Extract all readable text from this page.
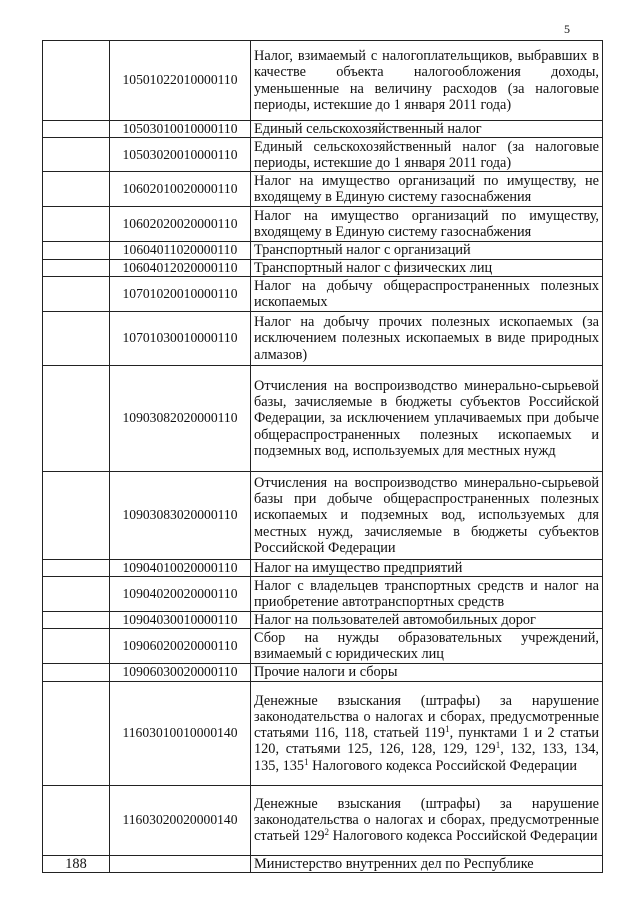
5
	10501022010000110	Налог, взимаемый с налогоплательщиков, выбравших в качестве объекта налогообложения доходы, уменьшенные на величину расходов (за налоговые периоды, истекшие до 1 января 2011 года)
	10503010010000110	Единый сельскохозяйственный налог
	10503020010000110	Единый сельскохозяйственный налог (за налоговые периоды, истекшие до 1 января 2011 года)
	10602010020000110	Налог на имущество организаций по имуществу, не входящему в Единую систему газоснабжения
	10602020020000110	Налог на имущество организаций по имуществу, входящему в Единую систему газоснабжения
	10604011020000110	Транспортный налог с организаций
	10604012020000110	Транспортный налог с физических лиц
	10701020010000110	Налог на добычу общераспространенных полезных ископаемых
	10701030010000110	Налог на добычу прочих полезных ископаемых (за исключением полезных ископаемых в виде природных алмазов)
	10903082020000110	Отчисления на воспроизводство минерально-сырьевой базы, зачисляемые в бюджеты субъектов Российской Федерации, за исключением уплачиваемых при добыче общераспространенных полезных ископаемых и подземных вод, используемых для местных нужд
	10903083020000110	Отчисления на воспроизводство минерально-сырьевой базы при добыче общераспространенных полезных ископаемых и подземных вод, используемых для местных нужд, зачисляемые в бюджеты субъектов Российской Федерации
	10904010020000110	Налог на имущество предприятий
	10904020020000110	Налог с владельцев транспортных средств и налог на приобретение автотранспортных средств
	10904030010000110	Налог на пользователей автомобильных дорог
	10906020020000110	Сбор на нужды образовательных учреждений, взимаемый с юридических лиц
	10906030020000110	Прочие налоги и сборы
	11603010010000140	Денежные взыскания (штрафы) за нарушение законодательства о налогах и сборах, предусмотренные статьями 116, 118, статьей $119^1$, пунктами 1 и 2 статьи 120, статьями 125, 126, 128, 129, $129^1$, 132, 133, 134, 135, $135^1$ Налогового кодекса Российской Федерации
	11603020020000140	Денежные взыскания (штрафы) за нарушение законодательства о налогах и сборах, предусмотренные статьей $129^2$ Налогового кодекса Российской Федерации
188		Министерство внутренних дел по Республике
